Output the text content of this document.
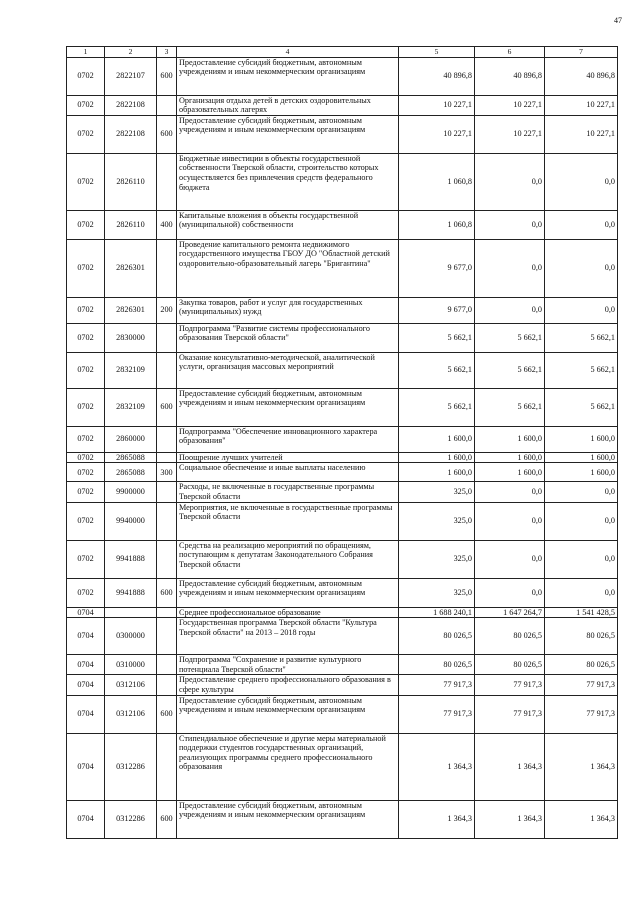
47
1	2	3	4	5	6	7
0702	2822107	600	Предоставление субсидий бюджетным, автономным учреждениям и иным некоммерческим организациям	40 896,8	40 896,8	40 896,8
0702	2822108		Организация отдыха детей в детских оздоровительных образовательных лагерях	10 227,1	10 227,1	10 227,1
0702	2822108	600	Предоставление субсидий бюджетным, автономным учреждениям и иным некоммерческим организациям	10 227,1	10 227,1	10 227,1
0702	2826110		Бюджетные инвестиции в объекты государственной собственности Тверской области, строительство которых осуществляется без привлечения средств федерального бюджета	1 060,8	0,0	0,0
0702	2826110	400	Капитальные вложения в объекты государственной (муниципальной) собственности	1 060,8	0,0	0,0
0702	2826301		Проведение капитального ремонта недвижимого государственного имущества ГБОУ ДО "Областной детский оздоровительно-образовательный лагерь "Бригантина"	9 677,0	0,0	0,0
0702	2826301	200	Закупка товаров, работ и услуг для государственных (муниципальных) нужд	9 677,0	0,0	0,0
0702	2830000		Подпрограмма "Развитие системы профессионального образования Тверской области"	5 662,1	5 662,1	5 662,1
0702	2832109		Оказание консультативно-методической, аналитической услуги, организация массовых мероприятий	5 662,1	5 662,1	5 662,1
0702	2832109	600	Предоставление субсидий бюджетным, автономным учреждениям и иным некоммерческим организациям	5 662,1	5 662,1	5 662,1
0702	2860000		Подпрограмма "Обеспечение инновационного характера образования"	1 600,0	1 600,0	1 600,0
0702	2865088		Поощрение лучших учителей	1 600,0	1 600,0	1 600,0
0702	2865088	300	Социальное обеспечение и иные выплаты населению	1 600,0	1 600,0	1 600,0
0702	9900000		Расходы, не включенные в государственные программы Тверской области	325,0	0,0	0,0
0702	9940000		Мероприятия, не включенные в государственные программы Тверской области	325,0	0,0	0,0
0702	9941888		Средства на реализацию мероприятий по обращениям, поступающим к депутатам Законодательного Собрания Тверской области	325,0	0,0	0,0
0702	9941888	600	Предоставление субсидий бюджетным, автономным учреждениям и иным некоммерческим организациям	325,0	0,0	0,0
0704			Среднее профессиональное образование	1 688 240,1	1 647 264,7	1 541 428,5
0704	0300000		Государственная программа Тверской области "Культура Тверской области" на 2013 – 2018 годы	80 026,5	80 026,5	80 026,5
0704	0310000		Подпрограмма "Сохранение и развитие культурного потенциала Тверской области"	80 026,5	80 026,5	80 026,5
0704	0312106		Предоставление среднего профессионального образования в сфере культуры	77 917,3	77 917,3	77 917,3
0704	0312106	600	Предоставление субсидий бюджетным, автономным учреждениям и иным некоммерческим организациям	77 917,3	77 917,3	77 917,3
0704	0312286		Стипендиальное обеспечение и другие меры материальной поддержки студентов государственных организаций, реализующих программы среднего профессионального образования	1 364,3	1 364,3	1 364,3
0704	0312286	600	Предоставление субсидий бюджетным, автономным учреждениям и иным некоммерческим организациям	1 364,3	1 364,3	1 364,3
